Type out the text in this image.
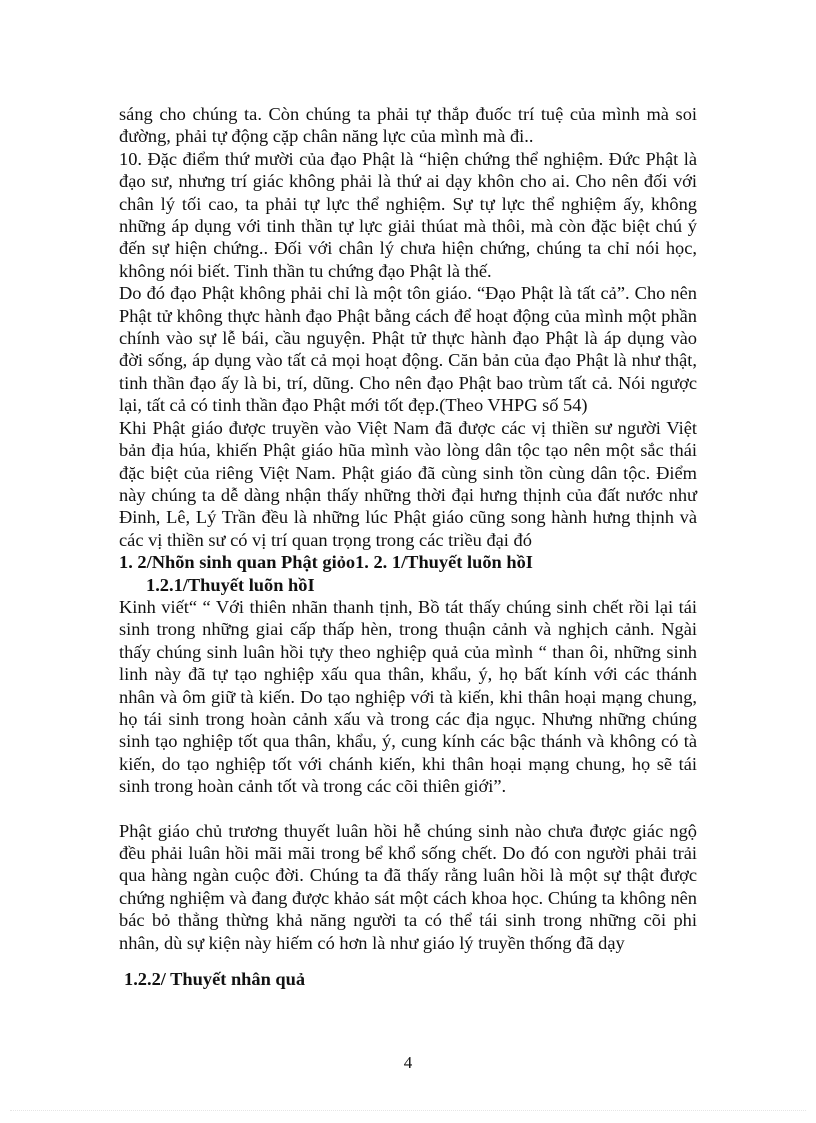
sáng cho chúng ta. Còn chúng ta phải tự thắp đuốc trí tuệ của mình mà soi đường, phải tự động cặp chân năng lực của mình mà đi..

10. Đặc điểm thứ mười của đạo Phật là “hiện chứng thể nghiệm. Đức Phật là đạo sư, nhưng trí giác không phải là thứ ai dạy khôn cho ai. Cho nên đối với chân lý tối cao, ta phải tự lực thể nghiệm. Sự tự lực thể nghiệm ấy, không những áp dụng với tinh thần tự lực giải thúat mà thôi, mà còn đặc biệt chú ý đến sự hiện chứng.. Đối với chân lý chưa hiện chứng, chúng ta chỉ nói học, không nói biết. Tinh thần tu chứng đạo Phật là thế.

Do đó đạo Phật không phải chỉ là một tôn giáo. “Đạo Phật là tất cả”. Cho nên Phật tử không thực hành đạo Phật bằng cách để hoạt động của mình một phần chính vào sự lễ bái, cầu nguyện. Phật tử thực hành đạo Phật là áp dụng vào đời sống, áp dụng vào tất cả mọi hoạt động. Căn bản của đạo Phật là như thật, tinh thần đạo ấy là bi, trí, dũng. Cho nên đạo Phật bao trùm tất cả. Nói ngược lại, tất cả có tinh thần đạo Phật mới tốt đẹp.(Theo VHPG số 54)

Khi Phật giáo được truyền vào Việt Nam đã được các vị thiền sư người Việt bản địa húa, khiến Phật giáo hũa mình vào lòng dân tộc tạo nên một sắc thái đặc biệt của riêng Việt Nam. Phật giáo đã cùng sinh tồn cùng dân tộc. Điểm này chúng ta dễ dàng nhận thấy những thời đại hưng thịnh của đất nước như Đinh, Lê, Lý Trần đều là những lúc Phật giáo cũng song hành hưng thịnh và các vị thiền sư có vị trí quan trọng trong các triều đại đó

1. 2/Nhõn sinh quan Phật giỏo1. 2. 1/Thuyết luõn hồI

1.2.1/Thuyết luõn hồI

Kinh viết“ “ Với thiên nhãn thanh tịnh, Bồ tát thấy chúng sinh chết rồi lại tái sinh trong những giai cấp thấp hèn, trong thuận cảnh và nghịch cảnh. Ngài thấy chúng sinh luân hồi tựy theo nghiệp quả của mình “ than ôi, những sinh linh này đã tự tạo nghiệp xấu qua thân, khẩu, ý, họ bất kính với các thánh nhân và ôm giữ tà kiến. Do tạo nghiệp với tà kiến, khi thân hoại mạng chung, họ tái sinh trong hoàn cảnh xấu và trong các địa ngục. Nhưng những chúng sinh tạo nghiệp tốt qua thân, khẩu, ý, cung kính các bậc thánh và không có tà kiến, do tạo nghiệp tốt với chánh kiến, khi thân hoại mạng chung, họ sẽ tái sinh trong hoàn cảnh tốt và trong các cõi thiên giới”.

Phật giáo chủ trương thuyết luân hồi hễ chúng sinh nào chưa được giác ngộ đều phải luân hồi mãi mãi trong bể khổ sống chết. Do đó con người phải trải qua hàng ngàn cuộc đời. Chúng ta đã thấy rằng luân hồi là một sự thật được chứng nghiệm và đang được khảo sát một cách khoa học. Chúng ta không nên bác bỏ thẳng thừng khả năng người ta có thể tái sinh trong những cõi phi nhân, dù sự kiện này hiếm có hơn là như giáo lý truyền thống đã dạy

1.2.2/ Thuyết nhân quả

4
